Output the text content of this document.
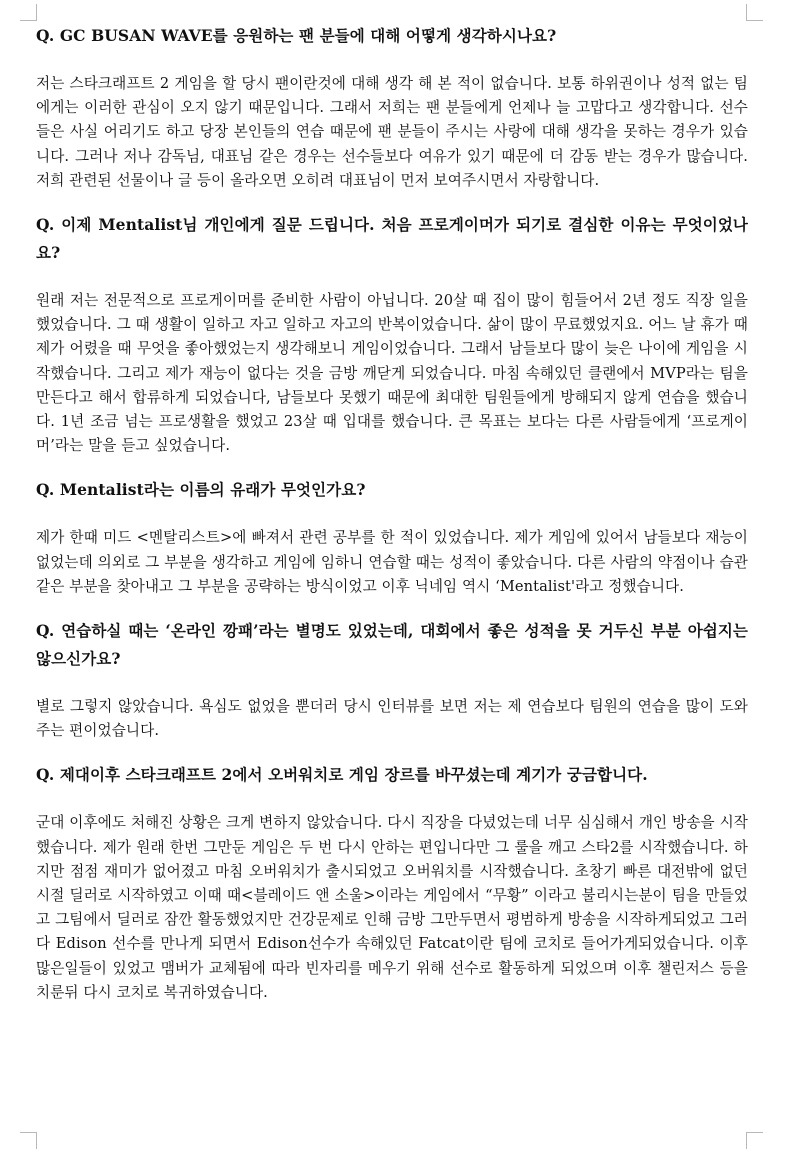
Q. GC BUSAN WAVE를 응원하는 팬 분들에 대해 어떻게 생각하시나요?

저는 스타크래프트 2 게임을 할 당시 팬이란것에 대해 생각 해 본 적이 없습니다. 보통 하위권이나 성적 없는 팀에게는 이러한 관심이 오지 않기 때문입니다. 그래서 저희는 팬 분들에게 언제나 늘 고맙다고 생각합니다. 선수들은 사실 어리기도 하고 당장 본인들의 연습 때문에 팬 분들이 주시는 사랑에 대해 생각을 못하는 경우가 있습니다. 그러나 저나 감독님, 대표님 같은 경우는 선수들보다 여유가 있기 때문에 더 감동 받는 경우가 많습니다. 저희 관련된 선물이나 글 등이 올라오면 오히려 대표님이 먼저 보여주시면서 자랑합니다.

Q. 이제 Mentalist님 개인에게 질문 드립니다. 처음 프로게이머가 되기로 결심한 이유는 무엇이었나요?

원래 저는 전문적으로 프로게이머를 준비한 사람이 아닙니다. 20살 때 집이 많이 힘들어서 2년 정도 직장 일을 했었습니다. 그 때 생활이 일하고 자고 일하고 자고의 반복이었습니다. 삶이 많이 무료했었지요. 어느 날 휴가 때 제가 어렸을 때 무엇을 좋아했었는지 생각해보니 게임이었습니다. 그래서 남들보다 많이 늦은 나이에 게임을 시작했습니다. 그리고 제가 재능이 없다는 것을 금방 깨닫게 되었습니다. 마침 속해있던 클랜에서 MVP라는 팀을 만든다고 해서 합류하게 되었습니다, 남들보다 못했기 때문에 최대한 팀원들에게 방해되지 않게 연습을 했습니다. 1년 조금 넘는 프로생활을 했었고 23살 때 입대를 했습니다. 큰 목표는 보다는 다른 사람들에게 ‘프로게이머’라는 말을 듣고 싶었습니다.

Q. Mentalist라는 이름의 유래가 무엇인가요?

제가 한때 미드 <멘탈리스트>에 빠져서 관련 공부를 한 적이 있었습니다. 제가 게임에 있어서 남들보다 재능이 없었는데 의외로 그 부분을 생각하고 게임에 임하니 연습할 때는 성적이 좋았습니다. 다른 사람의 약점이나 습관 같은 부분을 찾아내고 그 부분을 공략하는 방식이었고 이후 닉네임 역시 ‘Mentalist'라고 정했습니다.

Q. 연습하실 때는 ‘온라인 깡패’라는 별명도 있었는데, 대회에서 좋은 성적을 못 거두신 부분 아쉽지는 않으신가요?

별로 그렇지 않았습니다. 욕심도 없었을 뿐더러 당시 인터뷰를 보면 저는 제 연습보다 팀원의 연습을 많이 도와주는 편이었습니다.

Q. 제대이후 스타크래프트 2에서 오버워치로 게임 장르를 바꾸셨는데 계기가 궁금합니다.

군대 이후에도 처해진 상황은 크게 변하지 않았습니다. 다시 직장을 다녔었는데 너무 심심해서 개인 방송을 시작했습니다. 제가 원래 한번 그만둔 게임은 두 번 다시 안하는 편입니다만 그 룰을 깨고 스타2를 시작했습니다. 하지만 점점 재미가 없어졌고 마침 오버워치가 출시되었고 오버워치를 시작했습니다. 초창기 빠른 대전밖에 없던 시절 딜러로 시작하였고 이때 때<블레이드 앤 소울>이라는 게임에서 “무황” 이라고 불리시는분이 팀을 만들었고 그팀에서 딜러로 잠깐 활동했었지만 건강문제로 인해 금방 그만두면서 평범하게 방송을 시작하게되었고 그러다 Edison 선수를 만나게 되면서 Edison선수가 속해있던 Fatcat이란 팀에 코치로 들어가게되었습니다. 이후 많은일들이 있었고 맴버가 교체됨에 따라 빈자리를 메우기 위해 선수로 활동하게 되었으며 이후 챌린저스 등을 치룬뒤 다시 코치로 복귀하였습니다.
